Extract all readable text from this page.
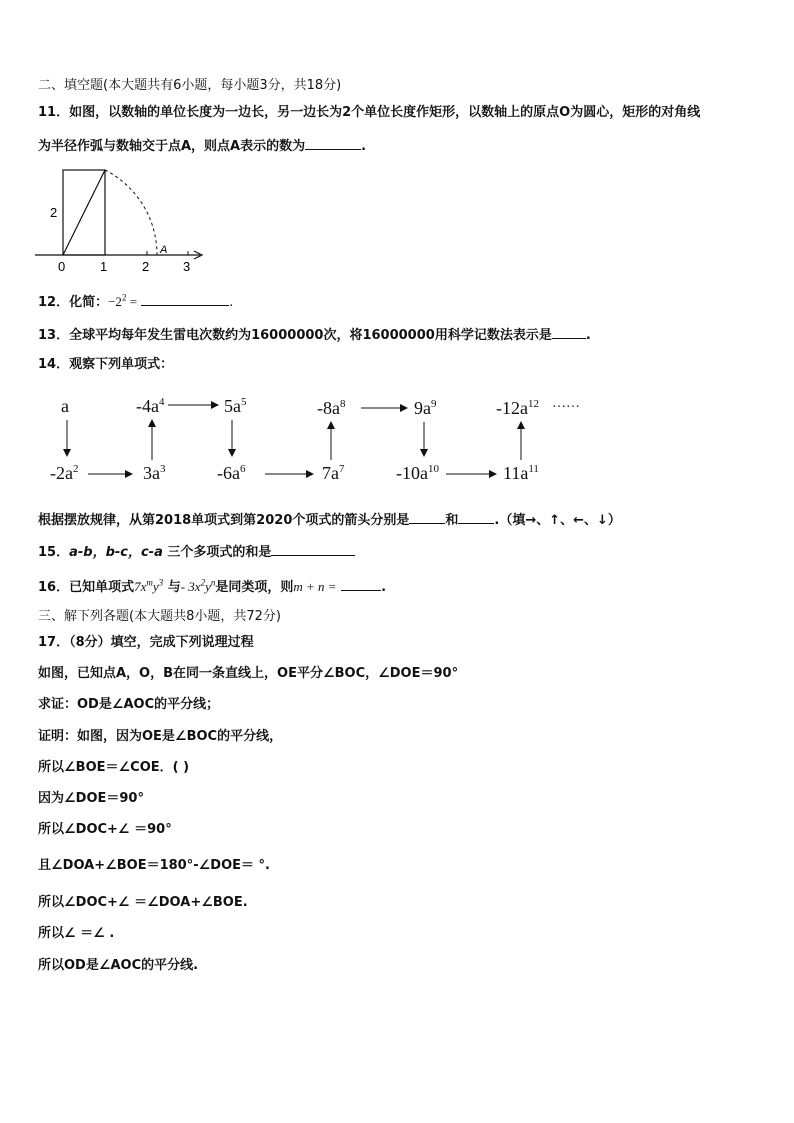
二、填空题(本大题共有6小题，每小题3分，共18分)
11．如图，以数轴的单位长度为一边长，另一边长为2个单位长度作矩形，以数轴上的原点O为圆心，矩形的对角线
为半径作弧与数轴交于点A，则点A表示的数为	.
2
A
0	1	2	3
12．化简：$-2^2$ =	.
13．全球平均每年发生雷电次数约为16000000次，将16000000用科学记数法表示是	.
14．观察下列单项式：
a	$-4a^4$	$5a^5$	$-8a^8$	$9a^9$	$-12a^{12}$ ……
$-2a^2$	$3a^3$	$-6a^6$	$7a^7$	$-10a^{10}$	$11a^{11}$
根据摆放规律，从第2018单项式到第2020个项式的箭头分别是	和	.（填→、↑、←、↓）
15．a-b，b-c，c-a 三个多项式的和是
16．已知单项式$7x^my^3$ 与- $3x^2y^n$是同类项，则m + n =	.
三、解下列各题(本大题共8小题，共72分)
17．（8分）填空，完成下列说理过程
如图，已知点A，O，B在同一条直线上，OE平分∠BOC，∠DOE＝90°
求证：OD是∠AOC的平分线；
证明：如图，因为OE是∠BOC的平分线，
所以∠BOE＝∠COE．( )
因为∠DOE＝90°
所以∠DOC+∠ ＝90°
且∠DOA+∠BOE＝180°-∠DOE＝ °.
所以∠DOC+∠ ＝∠DOA+∠BOE.
所以∠ ＝∠ .
所以OD是∠AOC的平分线.
